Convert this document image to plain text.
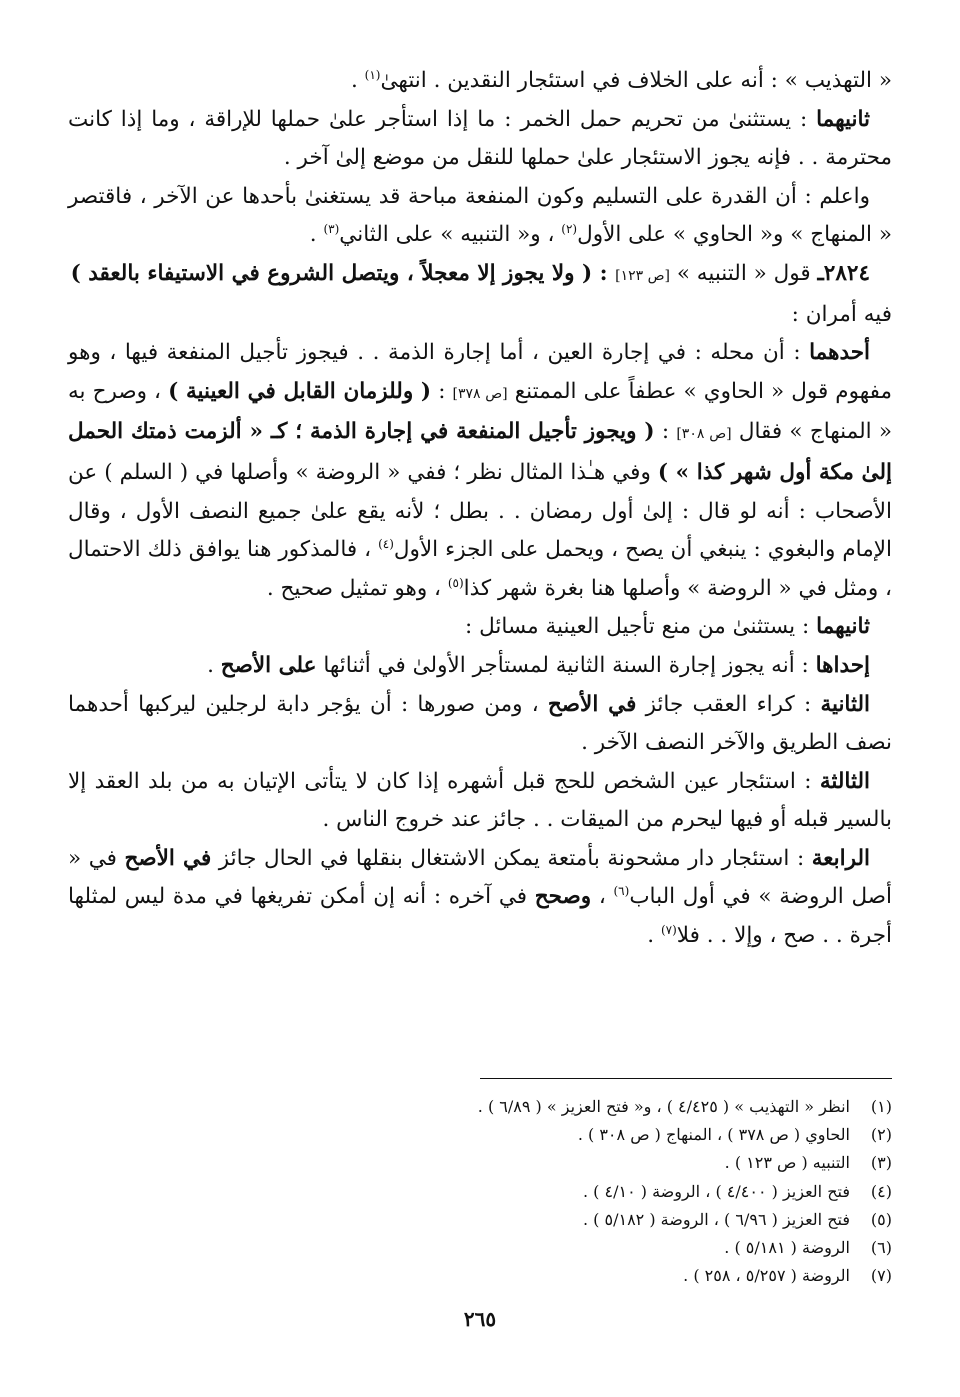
« التهذيب » : أنه على الخلاف في استئجار النقدين . انتهىٰ$^{(١)}$ .

ثانيهما : يستثنىٰ من تحريم حمل الخمر : ما إذا استأجر علىٰ حملها للإراقة ، وما إذا كانت محترمة . . فإنه يجوز الاستئجار علىٰ حملها للنقل من موضع إلىٰ آخر .

واعلم : أن القدرة على التسليم وكون المنفعة مباحة قد يستغنىٰ بأحدها عن الآخر ، فاقتصر « المنهاج » و« الحاوي » على الأول$^{(٢)}$ ، و« التنبيه » على الثاني$^{(٣)}$ .

٢٨٢٤ـ قول « التنبيه » [ص ١٢٣] : ( ولا يجوز إلا معجلاً ، ويتصل الشروع في الاستيفاء بالعقد )

فيه أمران :

أحدهما : أن محله : في إجارة العين ، أما إجارة الذمة . . فيجوز تأجيل المنفعة فيها ، وهو مفهوم قول « الحاوي » عطفاً على الممتنع [ص ٣٧٨] : ( وللزمان القابل في العينية ) ، وصرح به « المنهاج » فقال [ص ٣٠٨] : ( ويجوز تأجيل المنفعة في إجارة الذمة ؛ كـ « ألزمت ذمتك الحمل إلىٰ مكة أول شهر كذا » ) وفي هـٰذا المثال نظر ؛ ففي « الروضة » وأصلها في ( السلم ) عن الأصحاب : أنه لو قال : إلىٰ أول رمضان . . بطل ؛ لأنه يقع علىٰ جميع النصف الأول ، وقال الإمام والبغوي : ينبغي أن يصح ، ويحمل على الجزء الأول$^{(٤)}$ ، فالمذكور هنا يوافق ذلك الاحتمال ، ومثل في « الروضة » وأصلها هنا بغرة شهر كذا$^{(٥)}$ ، وهو تمثيل صحيح .

ثانيهما : يستثنىٰ من منع تأجيل العينية مسائل :

إحداها : أنه يجوز إجارة السنة الثانية لمستأجر الأولىٰ في أثنائها على الأصح .

الثانية : كراء العقب جائز في الأصح ، ومن صورها : أن يؤجر دابة لرجلين ليركبها أحدهما نصف الطريق والآخر النصف الآخر .

الثالثة : استئجار عين الشخص للحج قبل أشهره إذا كان لا يتأتى الإتيان به من بلد العقد إلا بالسير قبله أو فيها ليحرم من الميقات . . جائز عند خروج الناس .

الرابعة : استئجار دار مشحونة بأمتعة يمكن الاشتغال بنقلها في الحال جائز في الأصح في « أصل الروضة » في أول الباب$^{(٦)}$ ، وصحح في آخره : أنه إن أمكن تفريغها في مدة ليس لمثلها أجرة . . صح ، وإلا . . فلا$^{(٧)}$ .

(١)
انظر « التهذيب » ( ٤/٤٢٥ ) ، و« فتح العزيز » ( ٦/٨٩ ) .
(٢)
الحاوي ( ص ٣٧٨ ) ، المنهاج ( ص ٣٠٨ ) .
(٣)
التنبيه ( ص ١٢٣ ) .
(٤)
فتح العزيز ( ٤/٤٠٠ ) ، الروضة ( ٤/١٠ ) .
(٥)
فتح العزيز ( ٦/٩٦ ) ، الروضة ( ٥/١٨٢ ) .
(٦)
الروضة ( ٥/١٨١ ) .
(٧)
الروضة ( ٥/٢٥٧ ، ٢٥٨ ) .
٢٦٥
